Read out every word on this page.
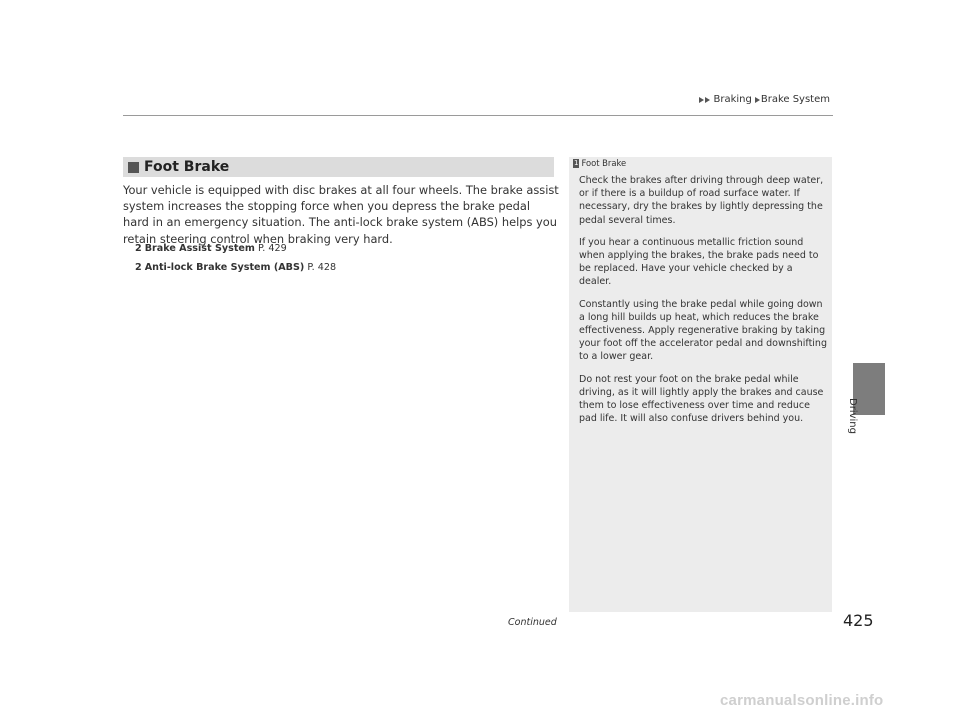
Braking Brake System
Driving
Foot Brake
Your vehicle is equipped with disc brakes at all four wheels. The brake assist system increases the stopping force when you depress the brake pedal hard in an emergency situation. The anti-lock brake system (ABS) helps you retain steering control when braking very hard.
2 Brake Assist System P. 429
2 Anti-lock Brake System (ABS) P. 428
1 Foot Brake

Check the brakes after driving through deep water, or if there is a buildup of road surface water. If necessary, dry the brakes by lightly depressing the pedal several times.

If you hear a continuous metallic friction sound when applying the brakes, the brake pads need to be replaced. Have your vehicle checked by a dealer.

Constantly using the brake pedal while going down a long hill builds up heat, which reduces the brake effectiveness. Apply regenerative braking by taking your foot off the accelerator pedal and downshifting to a lower gear.

Do not rest your foot on the brake pedal while driving, as it will lightly apply the brakes and cause them to lose effectiveness over time and reduce pad life. It will also confuse drivers behind you.

Continued	425
carmanualsonline.info
